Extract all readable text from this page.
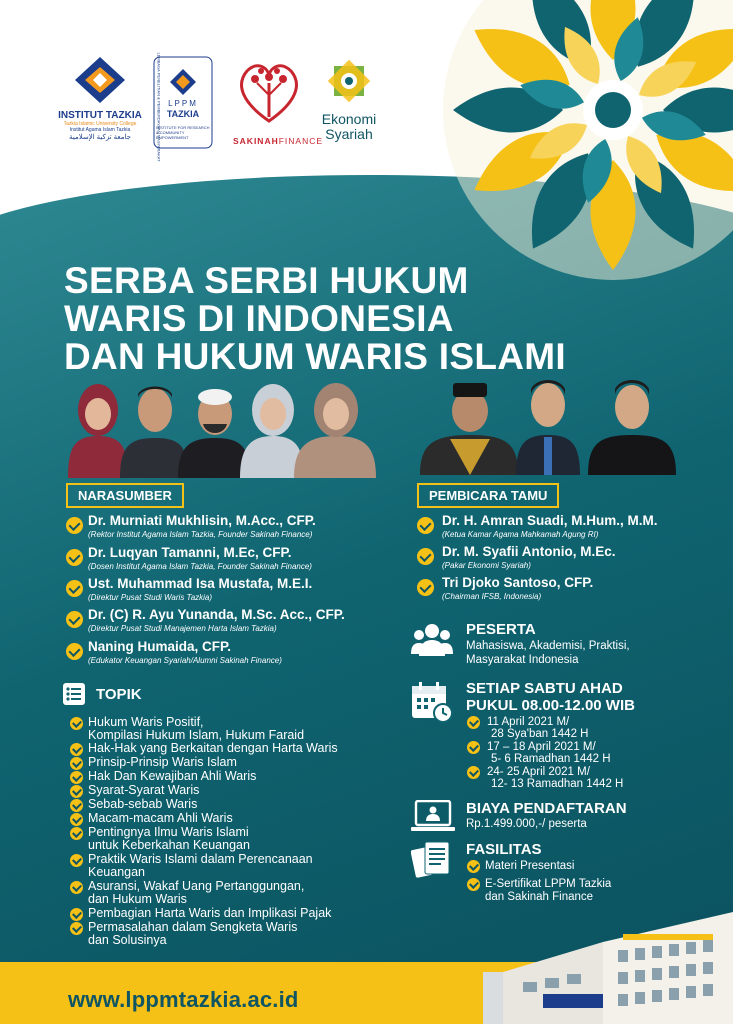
INSTITUT TAZKIA
Tazkia Islamic University College
Institut Agama Islam Tazkia
جامعة تزكية الإسلامية
LPPM
TAZKIA
LEMBAGA PENELITIAN & PEMBERDAYAAN MASYARAKAT
INSTITUTE FOR RESEARCH & COMMUNITY EMPOWERMENT	SAKINAHFINANCE
Ekonomi
Syariah
SERBA SERBI HUKUM
WARIS DI INDONESIA
DAN HUKUM WARIS ISLAMI
NARASUMBER
Dr. Murniati Mukhlisin, M.Acc., CFP.
(Rektor Institut Agama Islam Tazkia, Founder Sakinah Finance)
Dr. Luqyan Tamanni, M.Ec, CFP.
(Dosen Institut Agama Islam Tazkia, Founder Sakinah Finance)
Ust. Muhammad Isa Mustafa, M.E.I.
(Direktur Pusat Studi Waris Tazkia)
Dr. (C) R. Ayu Yunanda, M.Sc. Acc., CFP.
(Direktur Pusat Studi Manajemen Harta Islam Tazkia)
Naning Humaida, CFP.
(Edukator Keuangan Syariah/Alumni Sakinah Finance)
PEMBICARA TAMU
Dr. H. Amran Suadi, M.Hum., M.M.
(Ketua Kamar Agama Mahkamah Agung RI)
Dr. M. Syafii Antonio, M.Ec.
(Pakar Ekonomi Syariah)
Tri Djoko Santoso, CFP.
(Chairman IFSB, Indonesia)
TOPIK
Hukum Waris Positif,
Kompilasi Hukum Islam, Hukum Faraid
Hak-Hak yang Berkaitan dengan Harta Waris
Prinsip-Prinsip Waris Islam
Hak Dan Kewajiban Ahli Waris
Syarat-Syarat Waris
Sebab-sebab Waris
Macam-macam Ahli Waris
Pentingnya Ilmu Waris Islami
untuk Keberkahan Keuangan
Praktik Waris Islami dalam Perencanaan
Keuangan
Asuransi, Wakaf Uang Pertanggungan,
dan Hukum Waris
Pembagian Harta Waris dan Implikasi Pajak
Permasalahan dalam Sengketa Waris
dan Solusinya
PESERTA
Mahasiswa, Akademisi, Praktisi,
Masyarakat Indonesia
SETIAP SABTU AHAD
PUKUL 08.00-12.00 WIB
11 April 2021 M/
28 Sya'ban 1442 H
17 – 18 April 2021 M/
5- 6 Ramadhan 1442 H
24- 25 April 2021 M/
12- 13 Ramadhan 1442 H
BIAYA PENDAFTARAN
Rp.1.499.000,-/ peserta
FASILITAS
Materi Presentasi
E-Sertifikat LPPM Tazkia
dan Sakinah Finance
www.lppmtazkia.ac.id
